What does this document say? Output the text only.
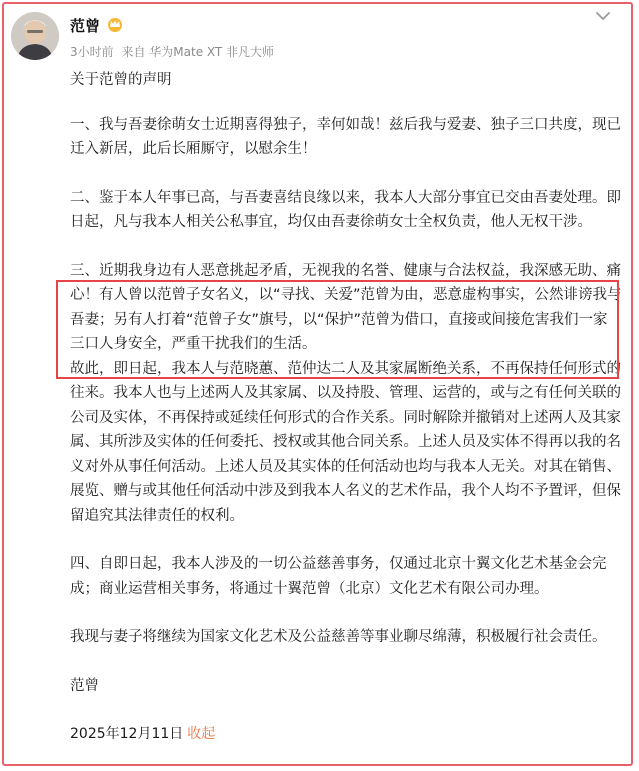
范曾
3小时前 来自 华为Mate XT 非凡大师

关于范曾的声明

一、我与吾妻徐萌女士近期喜得独子，幸何如哉！兹后我与爱妻、独子三口共度，现已迁入新居，此后长厢厮守，以慰余生！

二、鉴于本人年事已高，与吾妻喜结良缘以来，我本人大部分事宜已交由吾妻处理。即日起，凡与我本人相关公私事宜，均仅由吾妻徐萌女士全权负责，他人无权干涉。

三、近期我身边有人恶意挑起矛盾，无视我的名誉、健康与合法权益，我深感无助、痛心！有人曾以范曾子女名义，以“寻找、关爱”范曾为由，恶意虚构事实，公然诽谤我与吾妻；另有人打着“范曾子女”旗号，以“保护”范曾为借口，直接或间接危害我们一家三口人身安全，严重干扰我们的生活。

故此，即日起，我本人与范晓蕙、范仲达二人及其家属断绝关系，不再保持任何形式的往来。我本人也与上述两人及其家属、以及持股、管理、运营的，或与之有任何关联的公司及实体，不再保持或延续任何形式的合作关系。同时解除并撤销对上述两人及其家属、其所涉及实体的任何委托、授权或其他合同关系。上述人员及实体不得再以我的名义对外从事任何活动。上述人员及其实体的任何活动也均与我本人无关。对其在销售、展览、赠与或其他任何活动中涉及到我本人名义的艺术作品，我个人均不予置评，但保留追究其法律责任的权利。

四、自即日起，我本人涉及的一切公益慈善事务，仅通过北京十翼文化艺术基金会完成；商业运营相关事务，将通过十翼范曾（北京）文化艺术有限公司办理。

我现与妻子将继续为国家文化艺术及公益慈善等事业聊尽绵薄，积极履行社会责任。

范曾

2025年12月11日 收起
